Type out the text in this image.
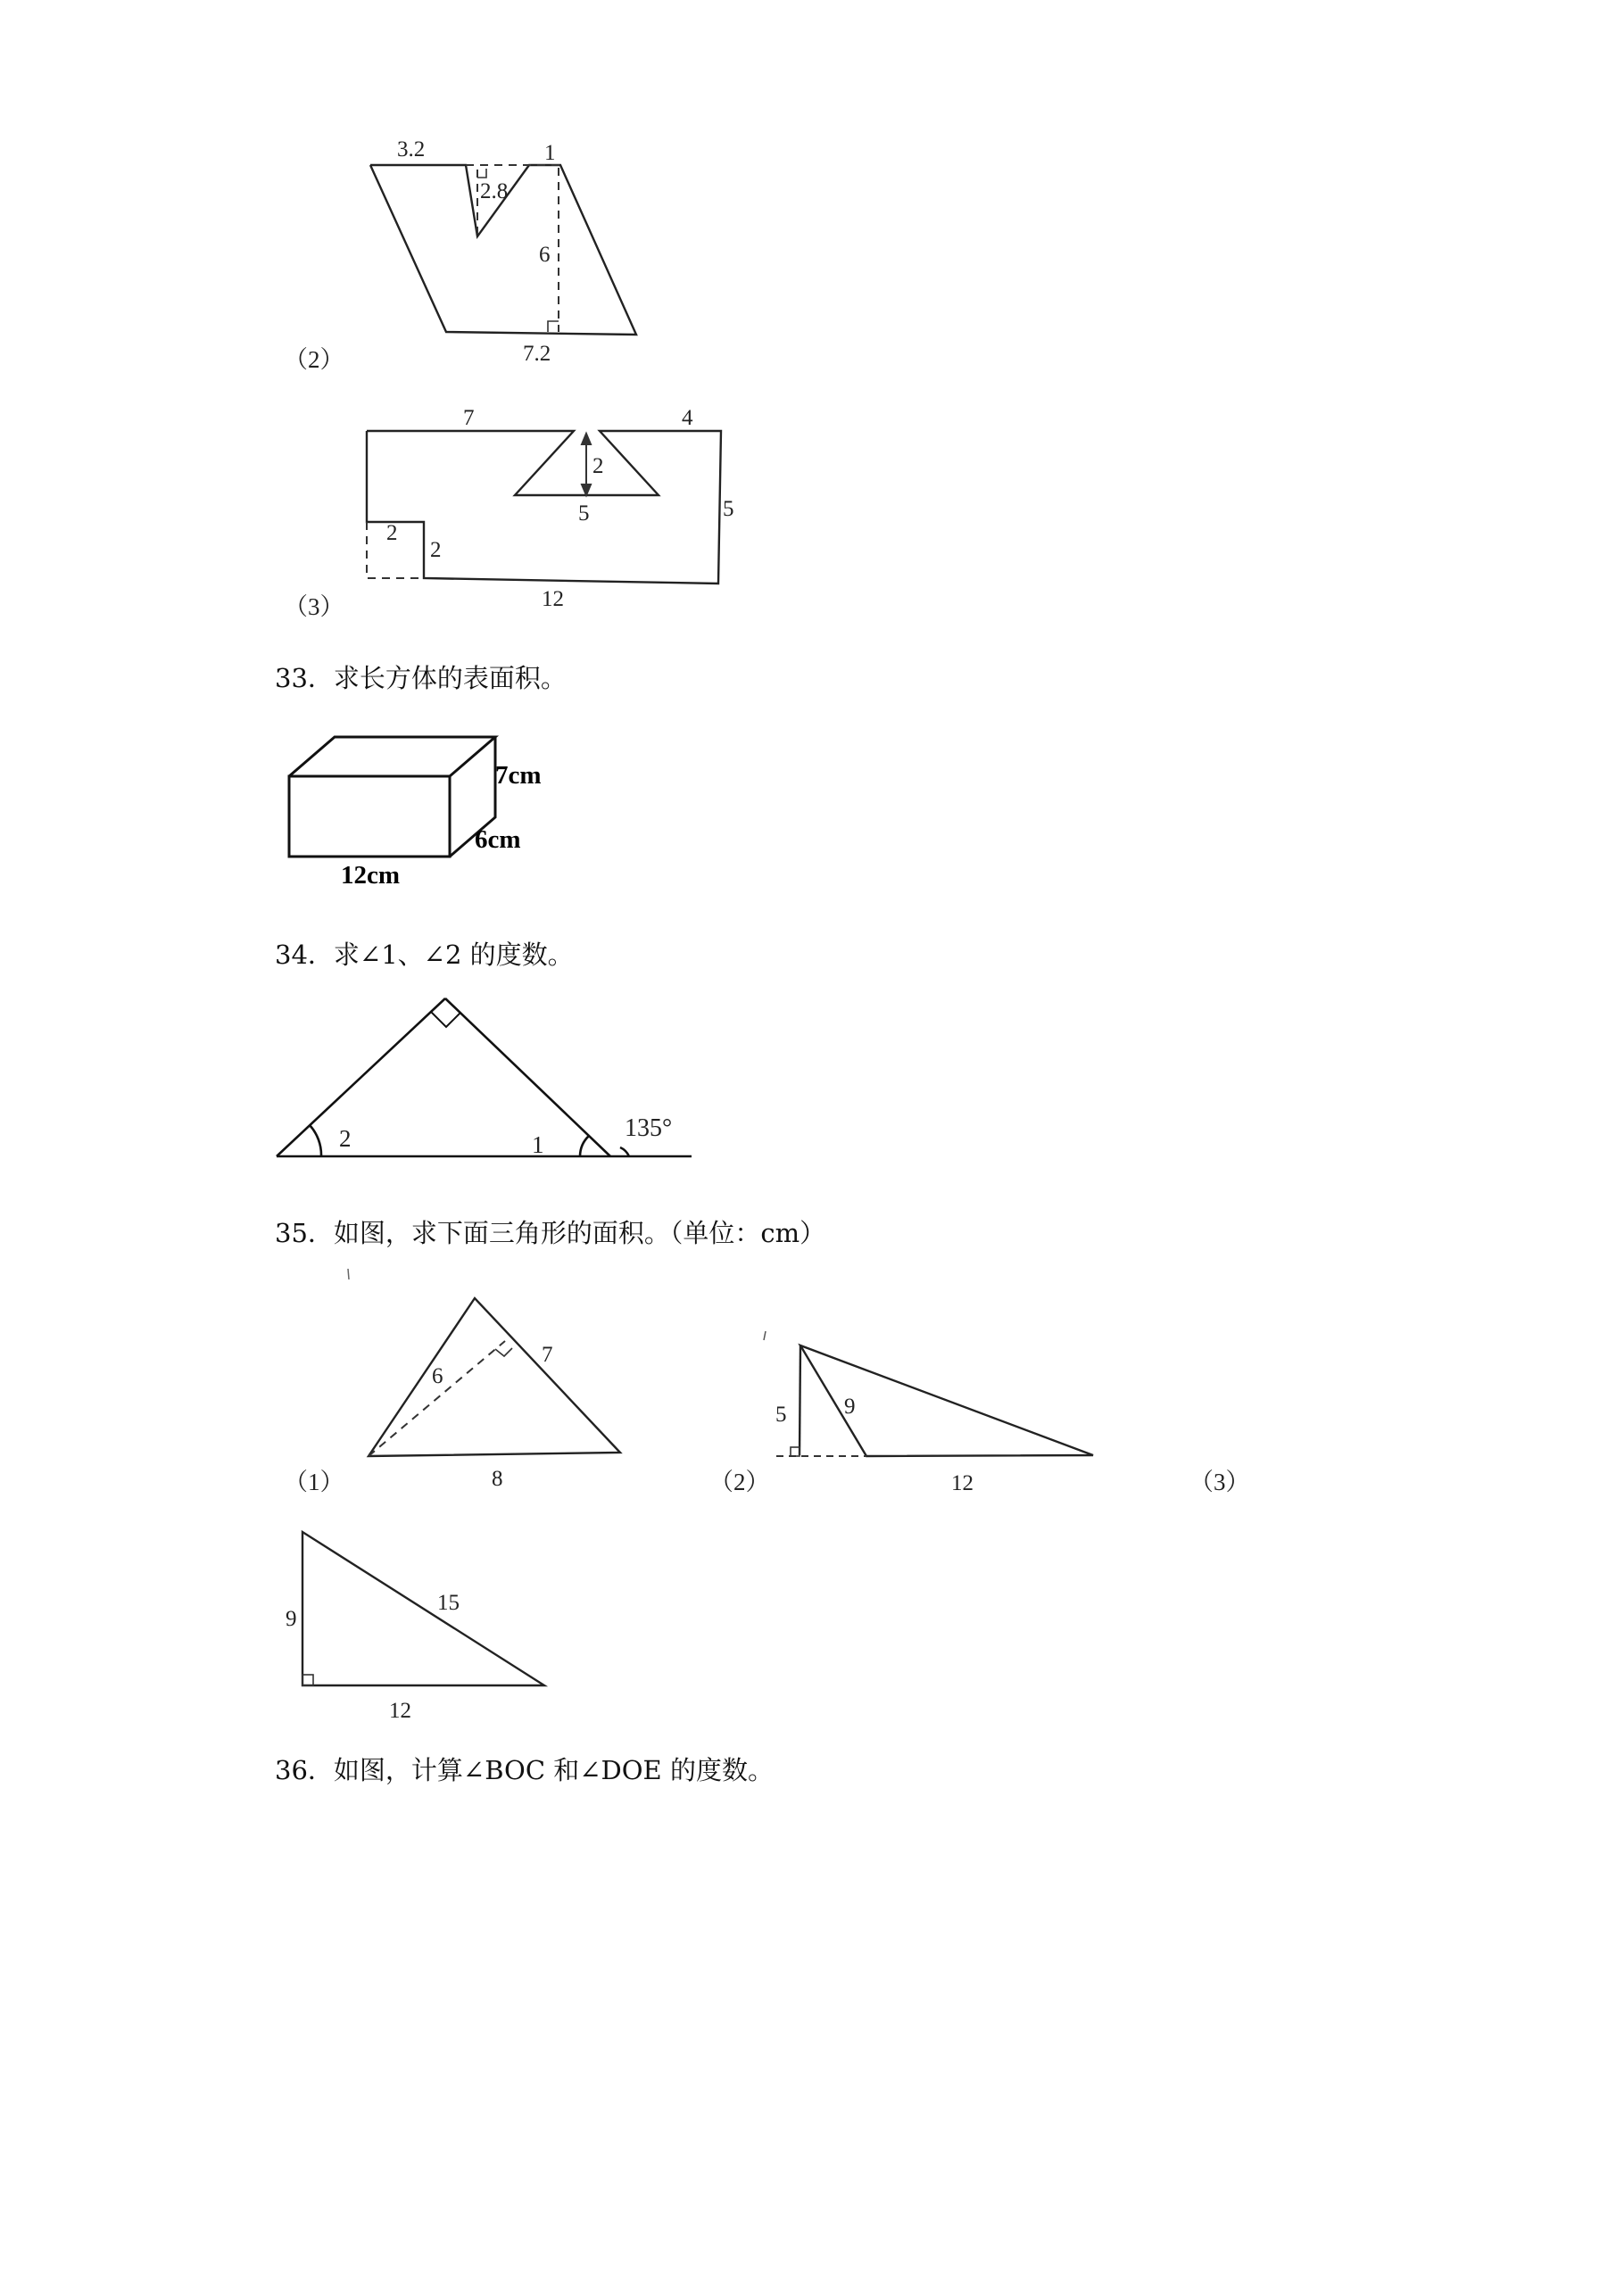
3.2	1
2.8
6
7.2
（2）
7	4
2
5	5
2
2
12
（3）
33．求长方体的表面积。
7cm
6cm
12cm
34．求∠1、∠2 的度数。
2	1
135°
35．如图，求下面三角形的面积。（单位：cm）
6
7
8
（1）
5	9
12
（2）	（3）
9
15
12
36．如图，计算∠BOC 和∠DOE 的度数。
